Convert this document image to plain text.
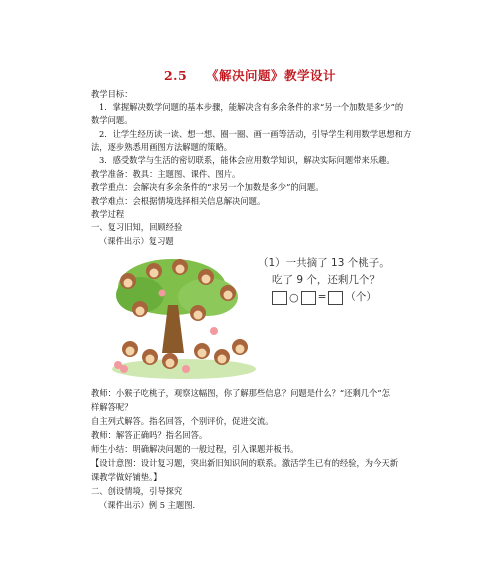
2.5 《解决问题》教学设计
教学目标：
1．掌握解决数学问题的基本步骤，能解决含有多余条件的求“另一个加数是多少”的
数学问题。
2．让学生经历读一读、想一想、圈一圈、画一画等活动，引导学生利用数学思想和方
法，逐步熟悉用画图方法解题的策略。
3．感受数学与生活的密切联系，能体会应用数学知识，解决实际问题带来乐趣。
教学准备：教具：主题图、课件、图片。
教学重点：会解决有多余条件的“求另一个加数是多少”的问题。
教学难点：会根据情境选择相关信息解决问题。
教学过程
一、复习旧知，回顾经验
（课件出示）复习题
（1）一共摘了 13 个桃子。
吃了 9 个，还剩几个？
○ = （个）
教师：小猴子吃桃子，观察这幅图，你了解那些信息？问题是什么？“还剩几个”怎
样解答呢？
自主列式解答。指名回答，个别评价，促进交流。
教师：解答正确吗？指名回答。
师生小结：明确解决问题的一般过程，引入课题并板书。
【设计意图：设计复习题，突出新旧知识间的联系。激活学生已有的经验，为今天新
课教学做好铺垫。】
二、创设情境，引导探究
（课件出示）例 5 主题图.
